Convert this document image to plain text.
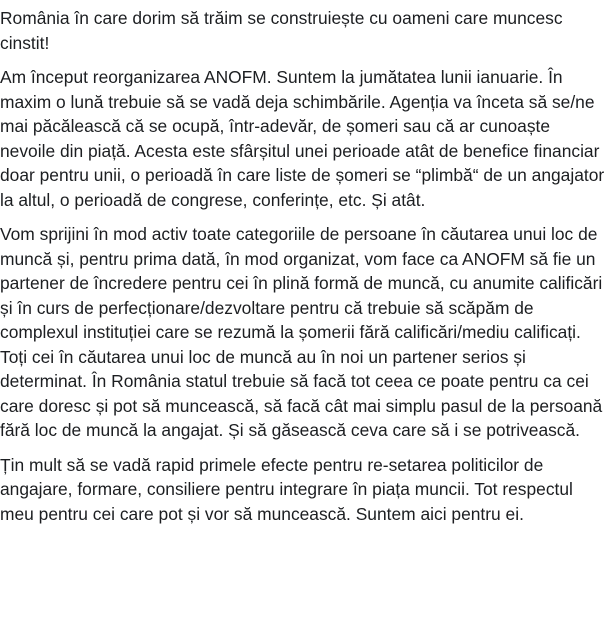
România în care dorim să trăim se construiește cu oameni care muncesc cinstit!

Am început reorganizarea ANOFM. Suntem la jumătatea lunii ianuarie. În maxim o lună trebuie să se vadă deja schimbările. Agenția va înceta să se/ne mai păcălească că se ocupă, într-adevăr, de șomeri sau că ar cunoaște nevoile din piață. Acesta este sfârșitul unei perioade atât de benefice financiar doar pentru unii, o perioadă în care liste de șomeri se “plimbă“ de un angajator la altul, o perioadă de congrese, conferințe, etc. Și atât.

Vom sprijini în mod activ toate categoriile de persoane în căutarea unui loc de muncă și, pentru prima dată, în mod organizat, vom face ca ANOFM să fie un partener de încredere pentru cei în plină formă de muncă, cu anumite calificări și în curs de perfecționare/dezvoltare pentru că trebuie să scăpăm de complexul instituției care se rezumă la șomerii fără calificări/mediu calificați. Toți cei în căutarea unui loc de muncă au în noi un partener serios și determinat. În România statul trebuie să facă tot ceea ce poate pentru ca cei care doresc și pot să muncească, să facă cât mai simplu pasul de la persoană fără loc de muncă la angajat. Și să găsească ceva care să i se potrivească.

Țin mult să se vadă rapid primele efecte pentru re-setarea politicilor de angajare, formare, consiliere pentru integrare în piața muncii. Tot respectul meu pentru cei care pot și vor să muncească. Suntem aici pentru ei.
